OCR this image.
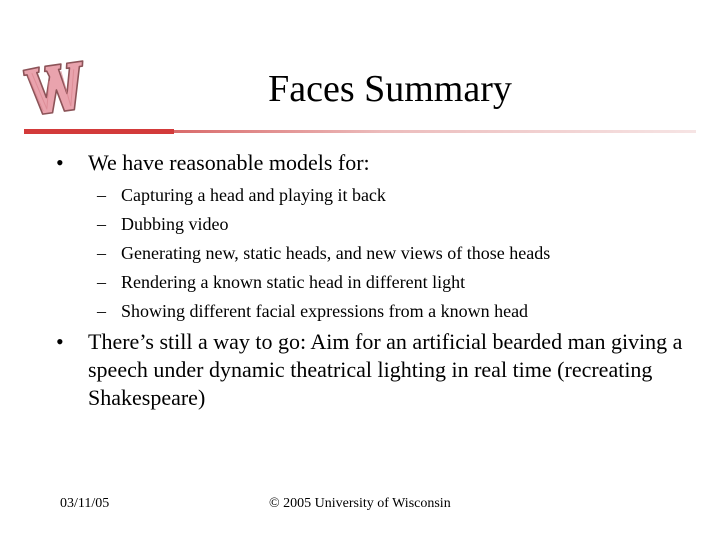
Faces Summary
• We have reasonable models for:
– Capturing a head and playing it back
– Dubbing video
– Generating new, static heads, and new views of those heads
– Rendering a known static head in different light
– Showing different facial expressions from a known head
• There’s still a way to go: Aim for an artificial bearded man giving a speech under dynamic theatrical lighting in real time (recreating Shakespeare)
03/11/05	© 2005 University of Wisconsin
